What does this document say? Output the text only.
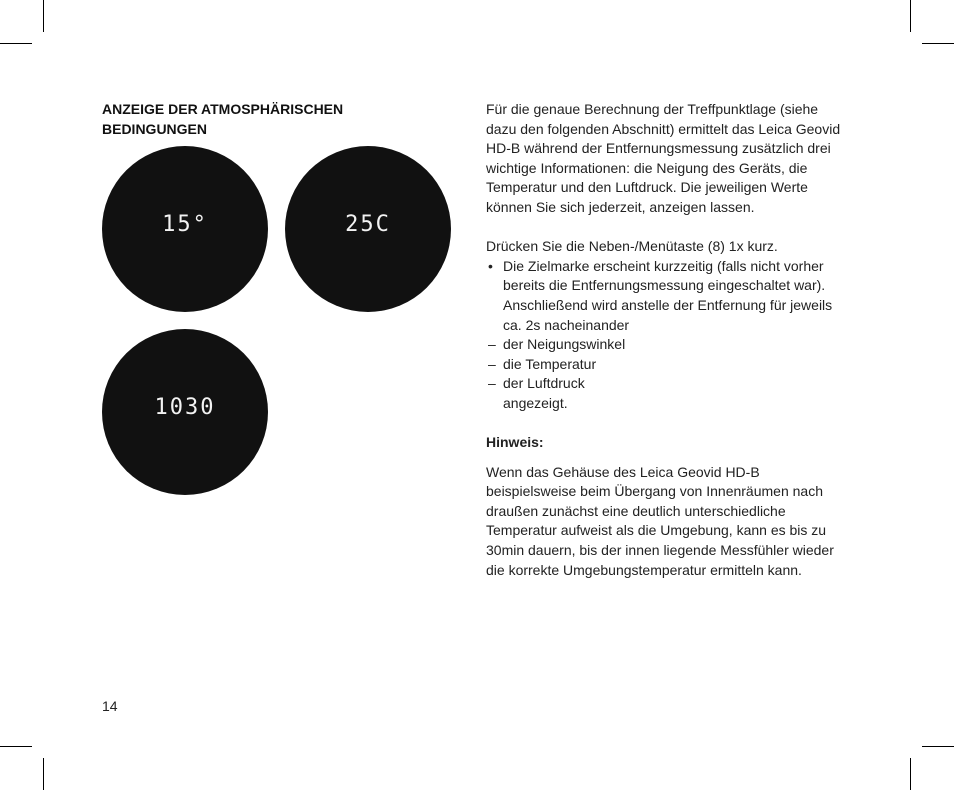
ANZEIGE DER ATMOSPHÄRISCHEN BEDINGUNGEN
15°	25C
1030

Für die genaue Berechnung der Treffpunktlage (siehe dazu den folgenden Abschnitt) ermittelt das Leica Geovid HD-B während der Entfernungsmessung zusätzlich drei wichtige Informationen: die Neigung des Geräts, die Temperatur und den Luftdruck. Die jeweiligen Werte können Sie sich jederzeit, anzeigen lassen.

Drücken Sie die Neben-/Menütaste (8) 1x kurz.

• Die Zielmarke erscheint kurzzeitig (falls nicht vorher bereits die Entfernungsmessung eingeschaltet war). Anschließend wird anstelle der Entfernung für jeweils ca. 2s nacheinander
– der Neigungswinkel
– die Temperatur
– der Luftdruck
angezeigt.

Hinweis:

Wenn das Gehäuse des Leica Geovid HD-B beispielsweise beim Übergang von Innenräumen nach draußen zunächst eine deutlich unterschiedliche Temperatur aufweist als die Umgebung, kann es bis zu 30min dauern, bis der innen liegende Messfühler wieder die korrekte Umgebungstemperatur ermitteln kann.

14
